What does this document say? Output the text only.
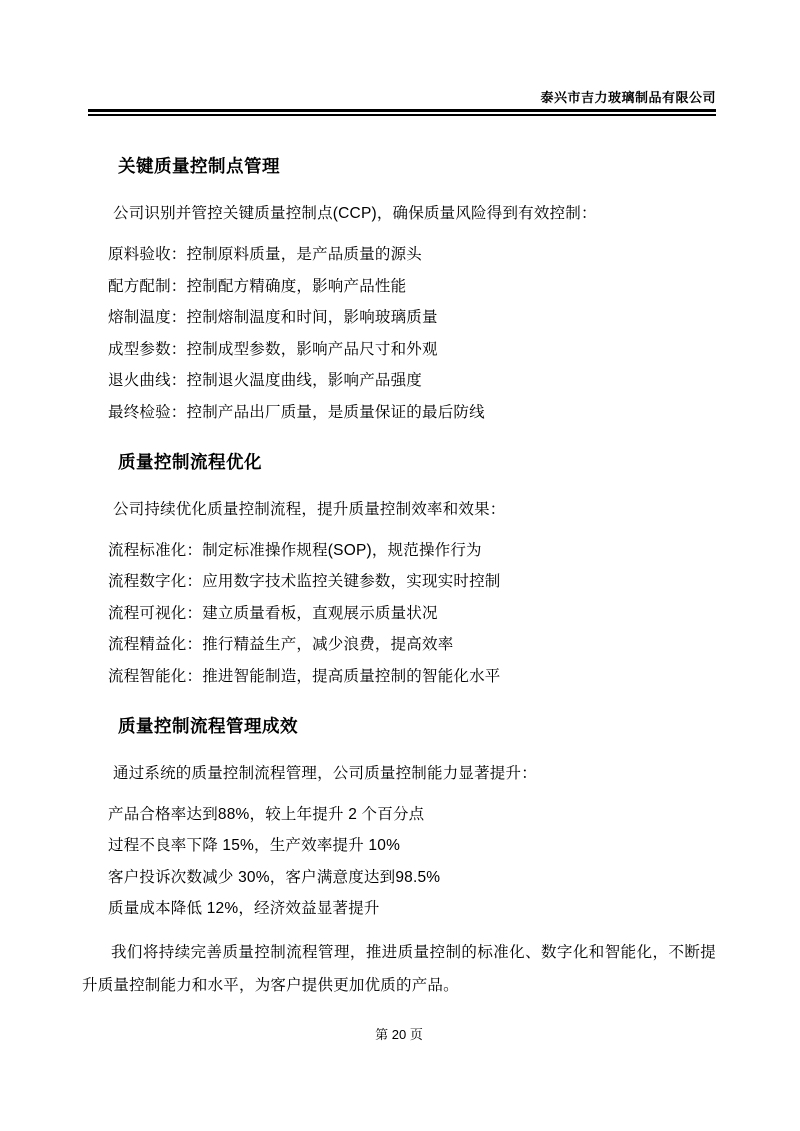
泰兴市吉力玻璃制品有限公司
关键质量控制点管理

公司识别并管控关键质量控制点(CCP)，确保质量风险得到有效控制：

原料验收：控制原料质量，是产品质量的源头

配方配制：控制配方精确度，影响产品性能

熔制温度：控制熔制温度和时间，影响玻璃质量

成型参数：控制成型参数，影响产品尺寸和外观

退火曲线：控制退火温度曲线，影响产品强度

最终检验：控制产品出厂质量，是质量保证的最后防线

质量控制流程优化

公司持续优化质量控制流程，提升质量控制效率和效果：

流程标准化：制定标准操作规程(SOP)，规范操作行为

流程数字化：应用数字技术监控关键参数，实现实时控制

流程可视化：建立质量看板，直观展示质量状况

流程精益化：推行精益生产，减少浪费，提高效率

流程智能化：推进智能制造，提高质量控制的智能化水平

质量控制流程管理成效

通过系统的质量控制流程管理，公司质量控制能力显著提升：

产品合格率达到88%，较上年提升 2 个百分点

过程不良率下降 15%，生产效率提升 10%

客户投诉次数减少 30%，客户满意度达到98.5%

质量成本降低 12%，经济效益显著提升

我们将持续完善质量控制流程管理，推进质量控制的标准化、数字化和智能化，不断提升质量控制能力和水平，为客户提供更加优质的产品。

第 20 页
